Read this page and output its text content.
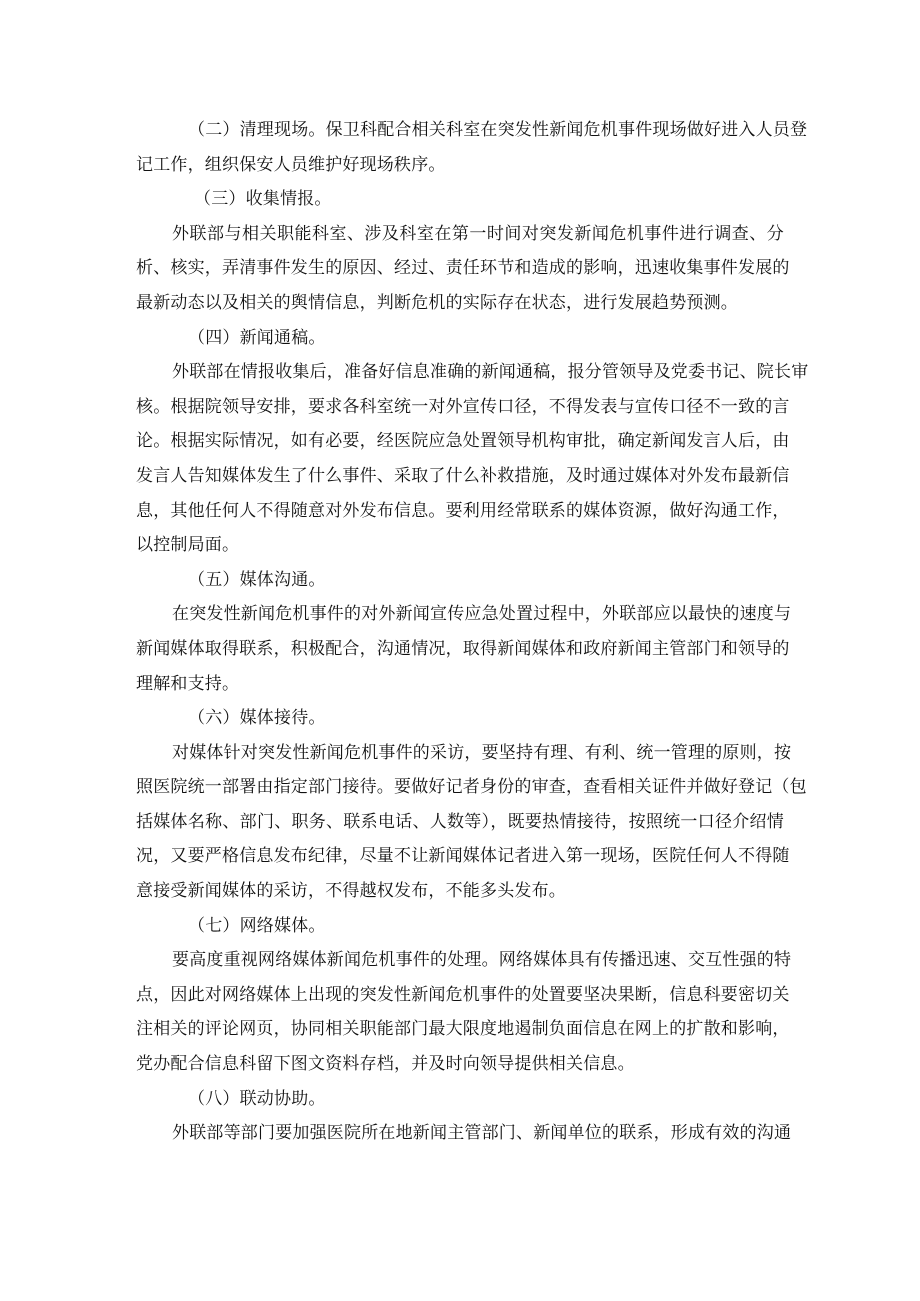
（二）清理现场。保卫科配合相关科室在突发性新闻危机事件现场做好进入人员登
记工作，组织保安人员维护好现场秩序。
（三）收集情报。
外联部与相关职能科室、涉及科室在第一时间对突发新闻危机事件进行调查、分
析、核实，弄清事件发生的原因、经过、责任环节和造成的影响，迅速收集事件发展的
最新动态以及相关的舆情信息，判断危机的实际存在状态，进行发展趋势预测。
（四）新闻通稿。
外联部在情报收集后，准备好信息准确的新闻通稿，报分管领导及党委书记、院长审
核。根据院领导安排，要求各科室统一对外宣传口径，不得发表与宣传口径不一致的言
论。根据实际情况，如有必要，经医院应急处置领导机构审批，确定新闻发言人后，由
发言人告知媒体发生了什么事件、采取了什么补救措施，及时通过媒体对外发布最新信
息，其他任何人不得随意对外发布信息。要利用经常联系的媒体资源，做好沟通工作，
以控制局面。
（五）媒体沟通。
在突发性新闻危机事件的对外新闻宣传应急处置过程中，外联部应以最快的速度与
新闻媒体取得联系，积极配合，沟通情况，取得新闻媒体和政府新闻主管部门和领导的
理解和支持。
（六）媒体接待。
对媒体针对突发性新闻危机事件的采访，要坚持有理、有利、统一管理的原则，按
照医院统一部署由指定部门接待。要做好记者身份的审查，查看相关证件并做好登记（包
括媒体名称、部门、职务、联系电话、人数等），既要热情接待，按照统一口径介绍情
况，又要严格信息发布纪律，尽量不让新闻媒体记者进入第一现场，医院任何人不得随
意接受新闻媒体的采访，不得越权发布，不能多头发布。
（七）网络媒体。
要高度重视网络媒体新闻危机事件的处理。网络媒体具有传播迅速、交互性强的特
点，因此对网络媒体上出现的突发性新闻危机事件的处置要坚决果断，信息科要密切关
注相关的评论网页，协同相关职能部门最大限度地遏制负面信息在网上的扩散和影响，
党办配合信息科留下图文资料存档，并及时向领导提供相关信息。
（八）联动协助。
外联部等部门要加强医院所在地新闻主管部门、新闻单位的联系，形成有效的沟通
